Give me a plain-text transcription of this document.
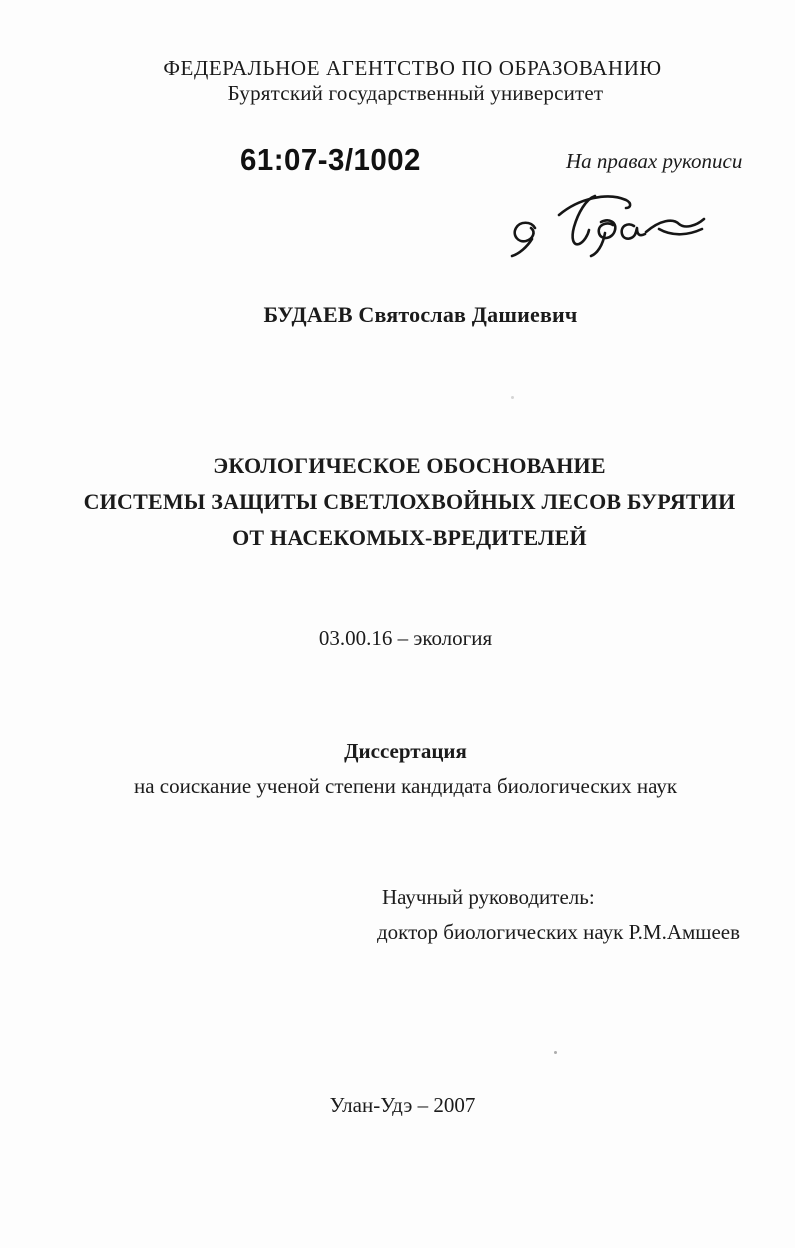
ФЕДЕРАЛЬНОЕ АГЕНТСТВО ПО ОБРАЗОВАНИЮ
Бурятский государственный университет
61:07-3/1002	На правах рукописи
БУДАЕВ Святослав Дашиевич
ЭКОЛОГИЧЕСКОЕ ОБОСНОВАНИЕ
СИСТЕМЫ ЗАЩИТЫ СВЕТЛОХВОЙНЫХ ЛЕСОВ БУРЯТИИ
ОТ НАСЕКОМЫХ-ВРЕДИТЕЛЕЙ
03.00.16 – экология
Диссертация
на соискание ученой степени кандидата биологических наук
Научный руководитель:
доктор биологических наук Р.М.Амшеев
Улан-Удэ – 2007
